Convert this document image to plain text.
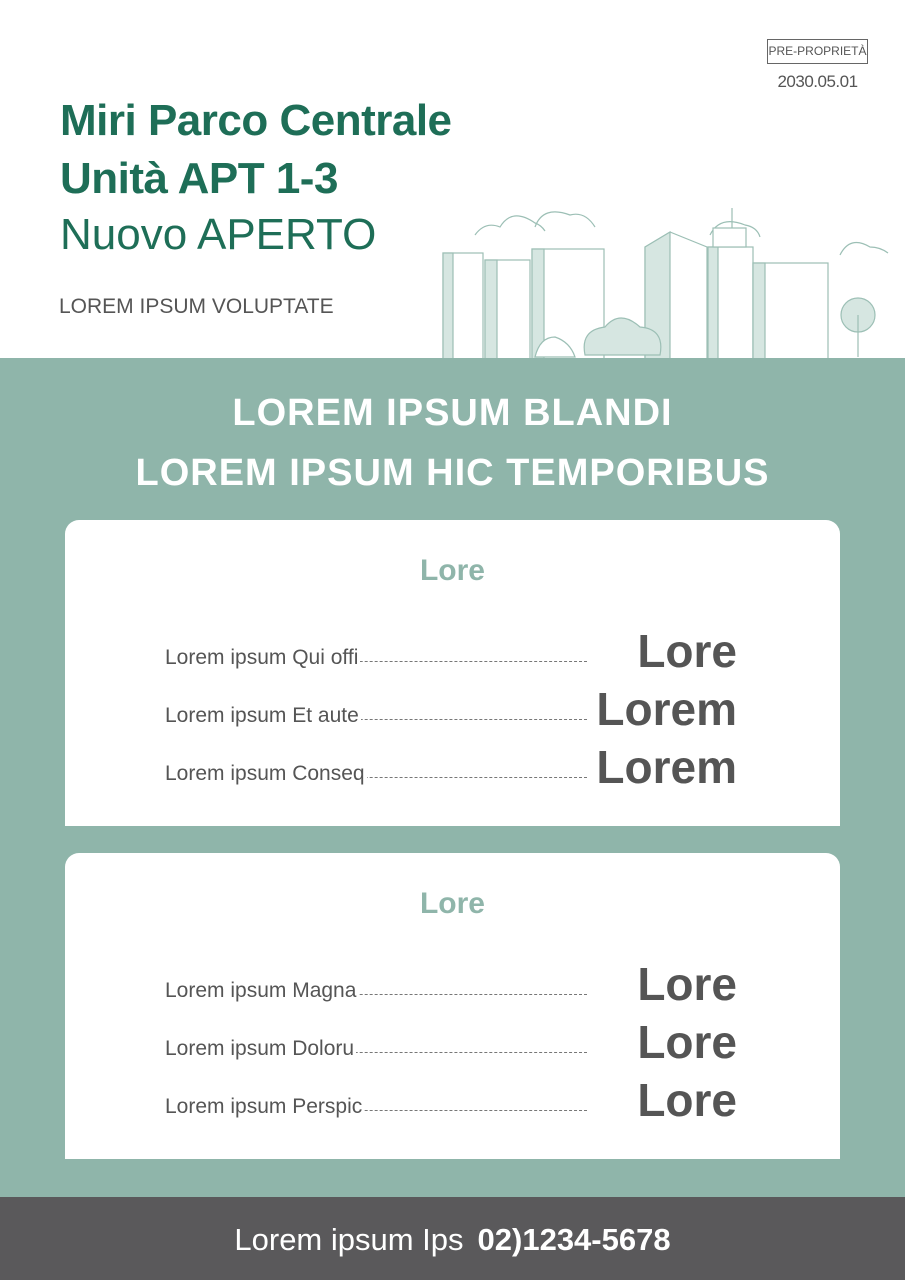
PRE-PROPRIETÀ
2030.05.01
Miri Parco Centrale
Unità APT 1-3
Nuovo APERTO
LOREM IPSUM VOLUPTATE
LOREM IPSUM BLANDI
LOREM IPSUM HIC TEMPORIBUS
Lore
Lorem ipsum Qui offi	Lore
Lorem ipsum Et aute	Lorem
Lorem ipsum Conseq	Lorem
Lore
Lorem ipsum Magna	Lore
Lorem ipsum Doloru	Lore
Lorem ipsum Perspic	Lore
Lorem ipsum Ips 02)1234-5678
